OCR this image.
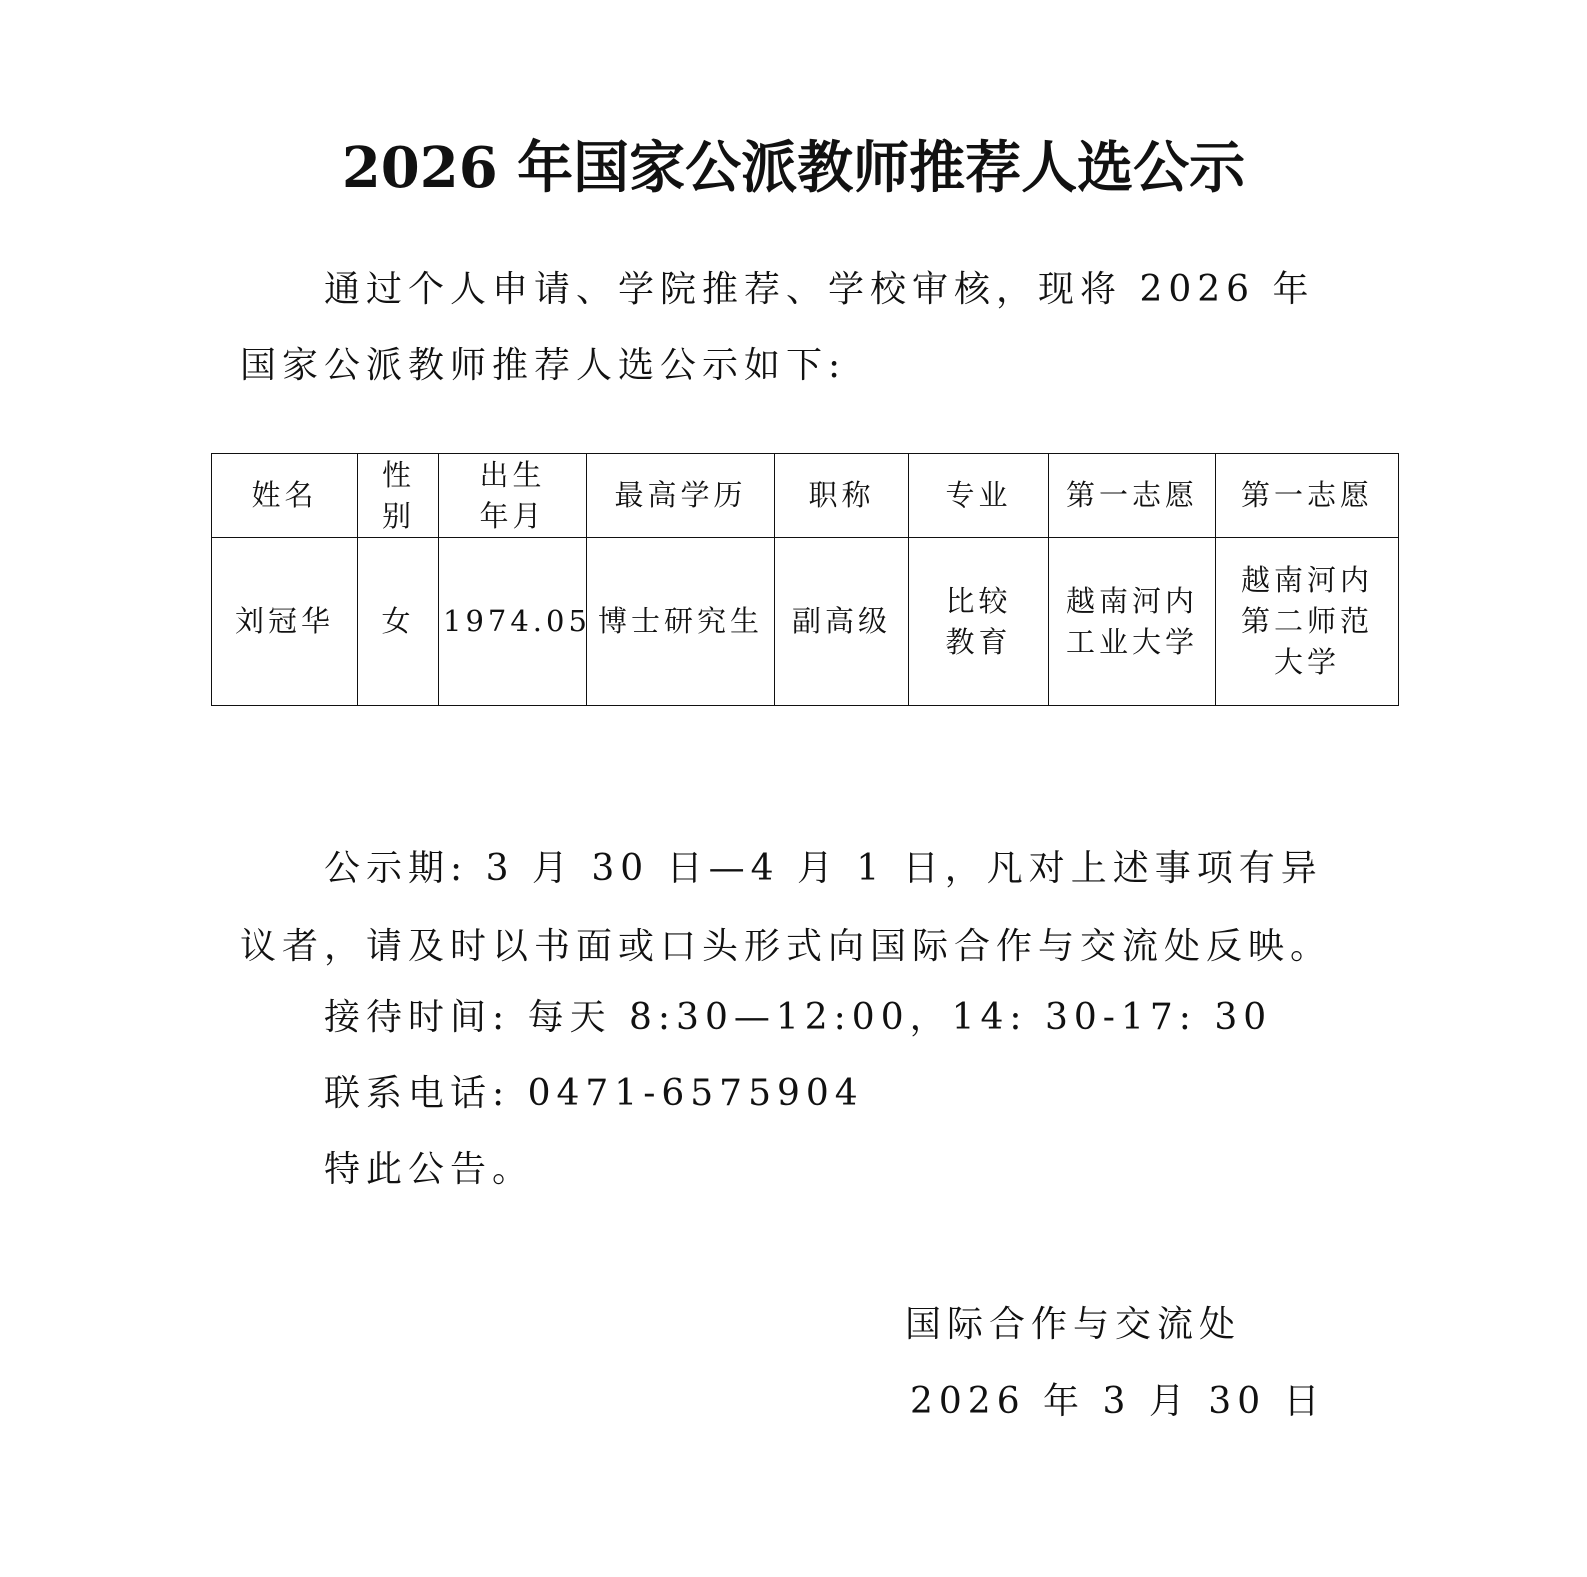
2026 年国家公派教师推荐人选公示
通过个人申请、学院推荐、学校审核，现将 2026 年国家公派教师推荐人选公示如下:
姓名	性别	出生年月	最高学历	职称	专业	第一志愿	第一志愿
刘冠华	女	1974.05	博士研究生	副高级	比较教育	越南河内工业大学	越南河内第二师范大学
公示期: 3 月 30 日—4 月 1 日，凡对上述事项有异议者，请及时以书面或口头形式向国际合作与交流处反映。
接待时间: 每天 8:30—12:00，14: 30-17: 30
联系电话: 0471-6575904
特此公告。
国际合作与交流处
2026 年 3 月 30 日
